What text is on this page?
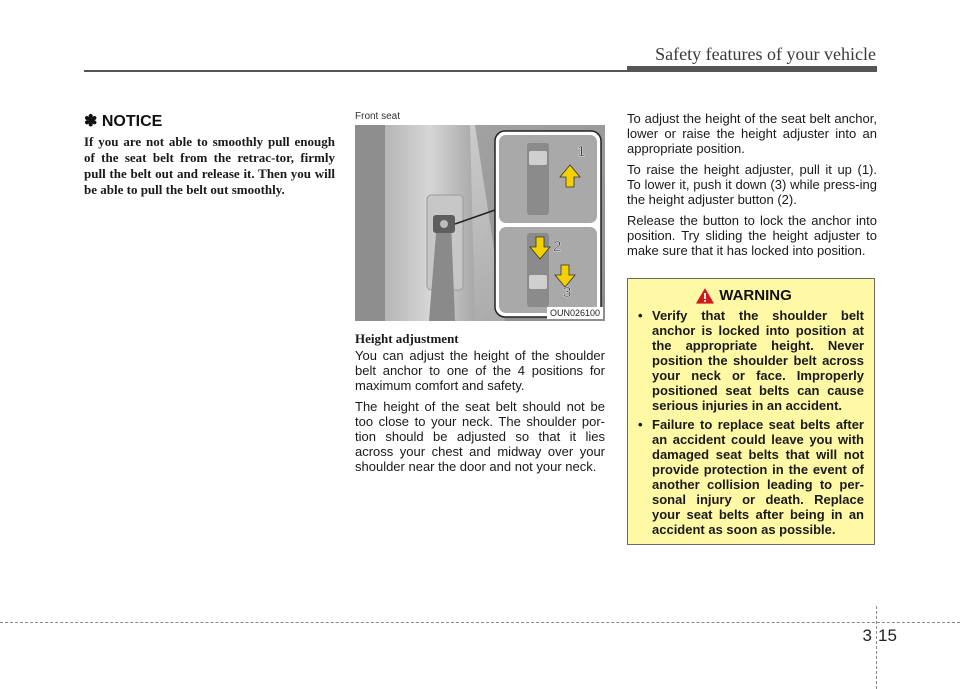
Safety features of your vehicle
✽ NOTICE

If you are not able to smoothly pull enough of the seat belt from the retrac-tor, firmly pull the belt out and release it. Then you will be able to pull the belt out smoothly.

Front seat
1
2
3
OUN026100
Height adjustment

You can adjust the height of the shoulder belt anchor to one of the 4 positions for maximum comfort and safety.

The height of the seat belt should not be too close to your neck. The shoulder por-tion should be adjusted so that it lies across your chest and midway over your shoulder near the door and not your neck.

To adjust the height of the seat belt anchor, lower or raise the height adjuster into an appropriate position.

To raise the height adjuster, pull it up (1). To lower it, push it down (3) while press-ing the height adjuster button (2).

Release the button to lock the anchor into position. Try sliding the height adjuster to make sure that it has locked into position.

WARNING
• Verify that the shoulder belt anchor is locked into position at the appropriate height. Never position the shoulder belt across your neck or face. Improperly positioned seat belts can cause serious injuries in an accident.
• Failure to replace seat belts after an accident could leave you with damaged seat belts that will not provide protection in the event of another collision leading to per-sonal injury or death. Replace your seat belts after being in an accident as soon as possible.
3 15
